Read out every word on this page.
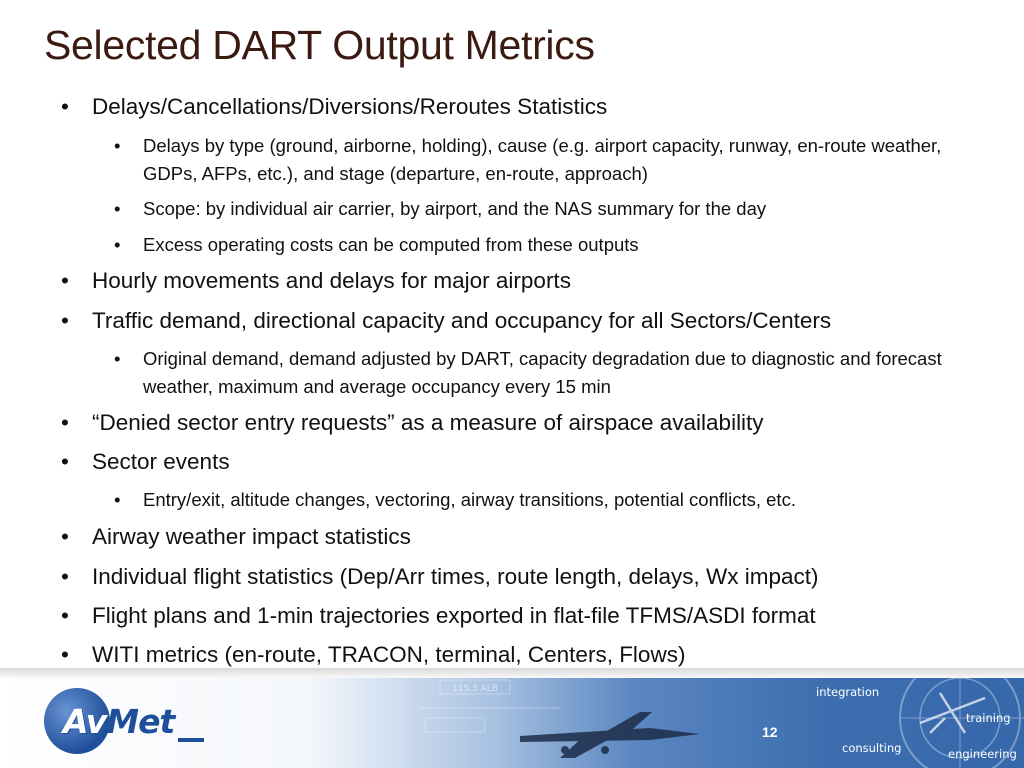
Selected DART Output Metrics

• Delays/Cancellations/Diversions/Reroutes Statistics

• Delays by type (ground, airborne, holding), cause (e.g. airport capacity, runway, en-route weather, GDPs, AFPs, etc.), and stage (departure, en-route, approach)

• Scope: by individual air carrier, by airport, and the NAS summary for the day

• Excess operating costs can be computed from these outputs

• Hourly movements and delays for major airports

• Traffic demand, directional capacity and occupancy for all Sectors/Centers

• Original demand, demand adjusted by DART, capacity degradation due to diagnostic and forecast weather, maximum and average occupancy every 15 min

• “Denied sector entry requests” as a measure of airspace availability

• Sector events

• Entry/exit, altitude changes, vectoring, airway transitions, potential conflicts, etc.

• Airway weather impact statistics

• Individual flight statistics (Dep/Arr times, route length, delays, Wx impact)

• Flight plans and 1-min trajectories exported in flat-file TFMS/ASDI format

• WITI metrics (en-route, TRACON, terminal, Centers, Flows)

115.3 ALB
AvMet
integration
training
consulting	engineering
12
